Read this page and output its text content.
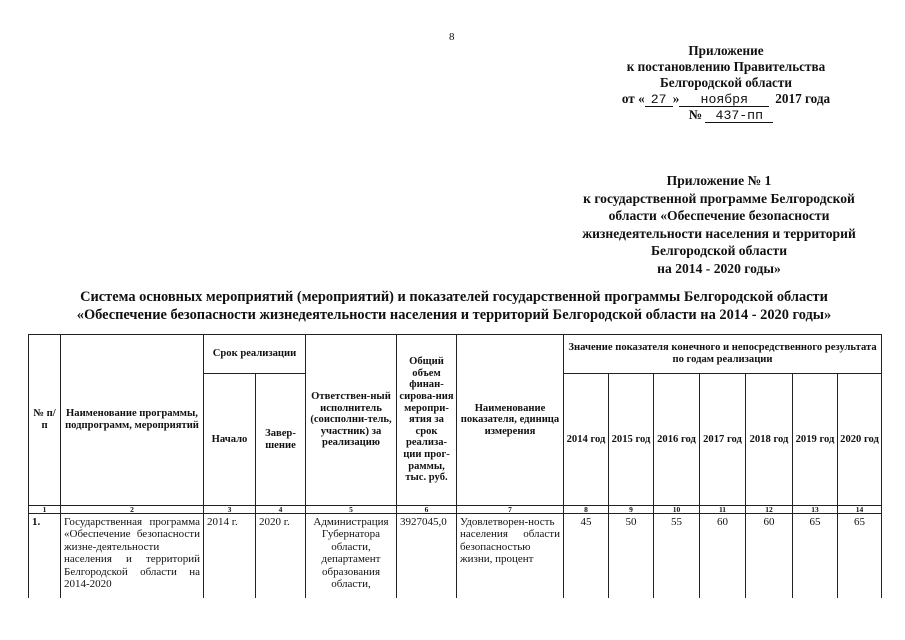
8
Приложение
к постановлению Правительства
Белгородской области
от « 27 » ноября 2017 года
№ 437-пп
Приложение № 1
к государственной программе Белгородской
области «Обеспечение безопасности
жизнедеятельности населения и территорий
Белгородской области
на 2014 - 2020 годы»
Система основных мероприятий (мероприятий) и показателей государственной программы Белгородской области
«Обеспечение безопасности жизнедеятельности населения и территорий Белгородской области на 2014 - 2020 годы»
№ п/п	Наименование программы, подпрограмм, мероприятий	Срок реализации		Ответствен-ный исполнитель (соисполни-тель, участник) за реализацию	Общий объем финан-сирова-ния меропри-ятия за срок реализа-ции прог-раммы, тыс. руб.	Наименование показателя, единица измерения	Значение показателя конечного и непосредственного результата по годам реализации						
		Начало	Завер-шение				2014 год	2015 год	2016 год	2017 год	2018 год	2019 год	2020 год
1	2	3	4	5	6	7	8	9	10	11	12	13	14
1.	Государственная программа «Обеспечение безопасности жизне-деятельности населения и территорий Белгородской области на 2014-2020	2014 г.	2020 г.	Администрация Губернатора области, департамент образования области,	3927045,0	Удовлетворен-ность населения области безопасностью жизни, процент	45	50	55	60	60	65	65
